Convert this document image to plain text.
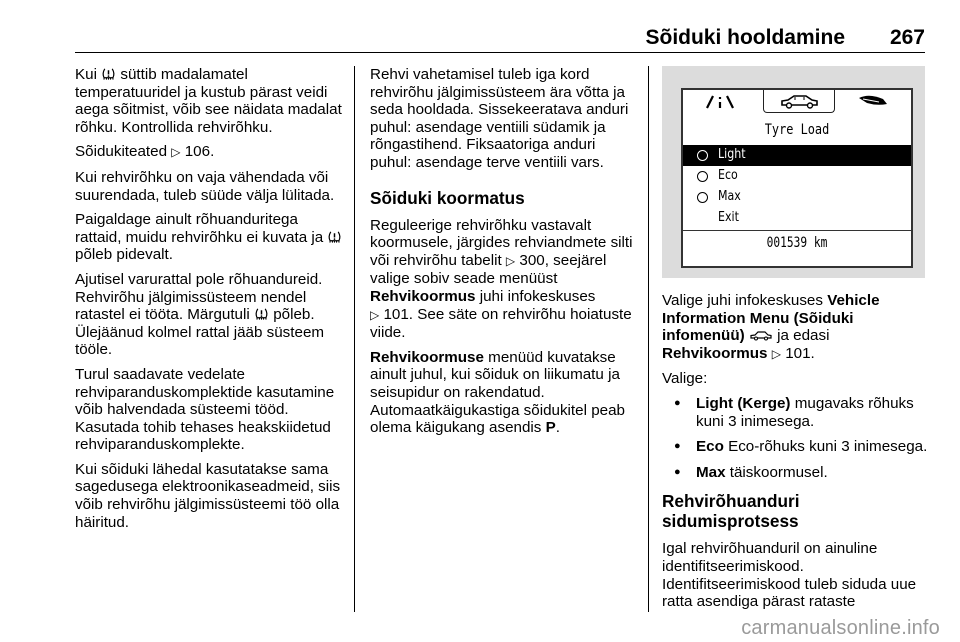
Sõiduki hooldamine 267

Kui  süttib madalamatel temperatuuridel ja kustub pärast veidi aega sõitmist, võib see näidata madalat rõhku. Kontrollida rehvirõhku.

Sõidukiteated ▷ 106.

Kui rehvirõhku on vaja vähendada või suurendada, tuleb süüde välja lülitada.

Paigaldage ainult rõhuanduritega rattaid, muidu rehvirõhku ei kuvata ja  põleb pidevalt.

Ajutisel varurattal pole rõhuandureid. Rehvirõhu jälgimissüsteem nendel ratastel ei tööta. Märgutuli  põleb. Ülejäänud kolmel rattal jääb süsteem tööle.

Turul saadavate vedelate rehviparanduskomplektide kasutamine võib halvendada süsteemi tööd. Kasutada tohib tehases heakskiidetud rehviparanduskomplekte.

Kui sõiduki lähedal kasutatakse sama sagedusega elektroonikaseadmeid, siis võib rehvirõhu jälgimissüsteemi töö olla häiritud.

Rehvi vahetamisel tuleb iga kord rehvirõhu jälgimissüsteem ära võtta ja seda hooldada. Sissekeeratava anduri puhul: asendage ventiili südamik ja rõngastihend. Fiksaatoriga anduri puhul: asendage terve ventiili vars.

Sõiduki koormatus

Reguleerige rehvirõhku vastavalt koormusele, järgides rehviandmete silti või rehvirõhu tabelit ▷ 300, seejärel valige sobiv seade menüüst Rehvikoormus juhi infokeskuses
▷ 101. See säte on rehvirõhu hoiatuste viide.

Rehvikoormuse menüüd kuvatakse ainult juhul, kui sõiduk on liikumatu ja seisupidur on rakendatud. Automaatkäigukastiga sõidukitel peab olema käigukang asendis P.

Tyre Load
Light
Eco
Max
Exit
001539 km

Valige juhi infokeskuses Vehicle Information Menu (Sõiduki infomenüü)  ja edasi
Rehvikoormus ▷ 101.

Valige:

● Light (Kerge) mugavaks rõhuks kuni 3 inimesega.
● Eco Eco-rõhuks kuni 3 inimesega.
● Max täiskoormusel.
Rehvirõhuanduri sidumisprotsess

Igal rehvirõhuanduril on ainuline identifitseerimiskood. Identifitseerimiskood tuleb siduda uue ratta asendiga pärast rataste

carmanualsonline.info
